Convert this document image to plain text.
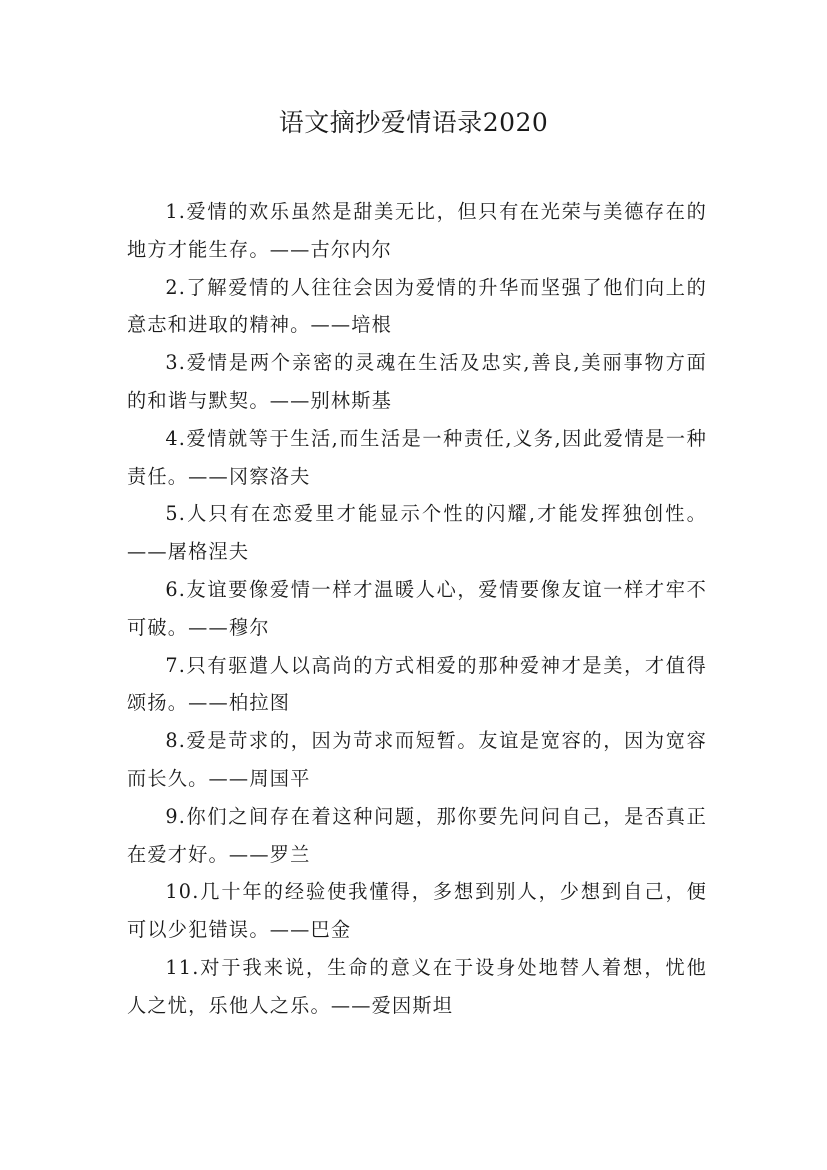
语文摘抄爱情语录2020
1.爱情的欢乐虽然是甜美无比，但只有在光荣与美德存在的地方才能生存。——古尔内尔
2.了解爱情的人往往会因为爱情的升华而坚强了他们向上的意志和进取的精神。——培根
3.爱情是两个亲密的灵魂在生活及忠实,善良,美丽事物方面的和谐与默契。——别林斯基
4.爱情就等于生活,而生活是一种责任,义务,因此爱情是一种责任。——冈察洛夫
5.人只有在恋爱里才能显示个性的闪耀,才能发挥独创性。——屠格涅夫
6.友谊要像爱情一样才温暖人心，爱情要像友谊一样才牢不可破。——穆尔
7.只有驱遣人以高尚的方式相爱的那种爱神才是美，才值得颂扬。——柏拉图
8.爱是苛求的，因为苛求而短暂。友谊是宽容的，因为宽容而长久。——周国平
9.你们之间存在着这种问题，那你要先问问自己，是否真正在爱才好。——罗兰
10.几十年的经验使我懂得，多想到别人，少想到自己，便可以少犯错误。——巴金
11.对于我来说，生命的意义在于设身处地替人着想，忧他人之忧，乐他人之乐。——爱因斯坦
